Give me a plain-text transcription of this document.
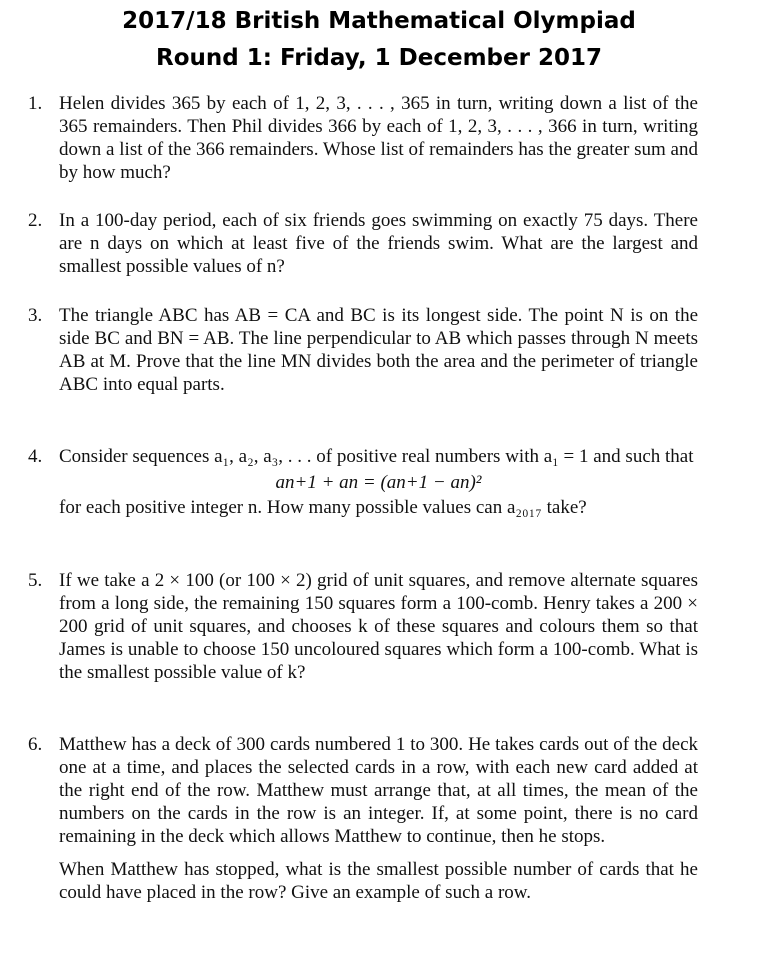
2017/18 British Mathematical Olympiad
Round 1: Friday, 1 December 2017
1. Helen divides 365 by each of 1, 2, 3, . . . , 365 in turn, writing down a list of the 365 remainders. Then Phil divides 366 by each of 1, 2, 3, . . . , 366 in turn, writing down a list of the 366 remainders. Whose list of remainders has the greater sum and by how much?

2. In a 100-day period, each of six friends goes swimming on exactly 75 days. There are n days on which at least five of the friends swim. What are the largest and smallest possible values of n?

3. The triangle ABC has AB = CA and BC is its longest side. The point N is on the side BC and BN = AB. The line perpendicular to AB which passes through N meets AB at M. Prove that the line MN divides both the area and the perimeter of triangle ABC into equal parts.

4. Consider sequences a₁, a₂, a₃, . . . of positive real numbers with a₁ = 1 and such that

an+1 + an = (an+1 − an)²

for each positive integer n. How many possible values can a₂₀₁₇ take?

5. If we take a 2 × 100 (or 100 × 2) grid of unit squares, and remove alternate squares from a long side, the remaining 150 squares form a 100-comb. Henry takes a 200 × 200 grid of unit squares, and chooses k of these squares and colours them so that James is unable to choose 150 uncoloured squares which form a 100-comb. What is the smallest possible value of k?

6. Matthew has a deck of 300 cards numbered 1 to 300. He takes cards out of the deck one at a time, and places the selected cards in a row, with each new card added at the right end of the row. Matthew must arrange that, at all times, the mean of the numbers on the cards in the row is an integer. If, at some point, there is no card remaining in the deck which allows Matthew to continue, then he stops.

When Matthew has stopped, what is the smallest possible number of cards that he could have placed in the row? Give an example of such a row.
